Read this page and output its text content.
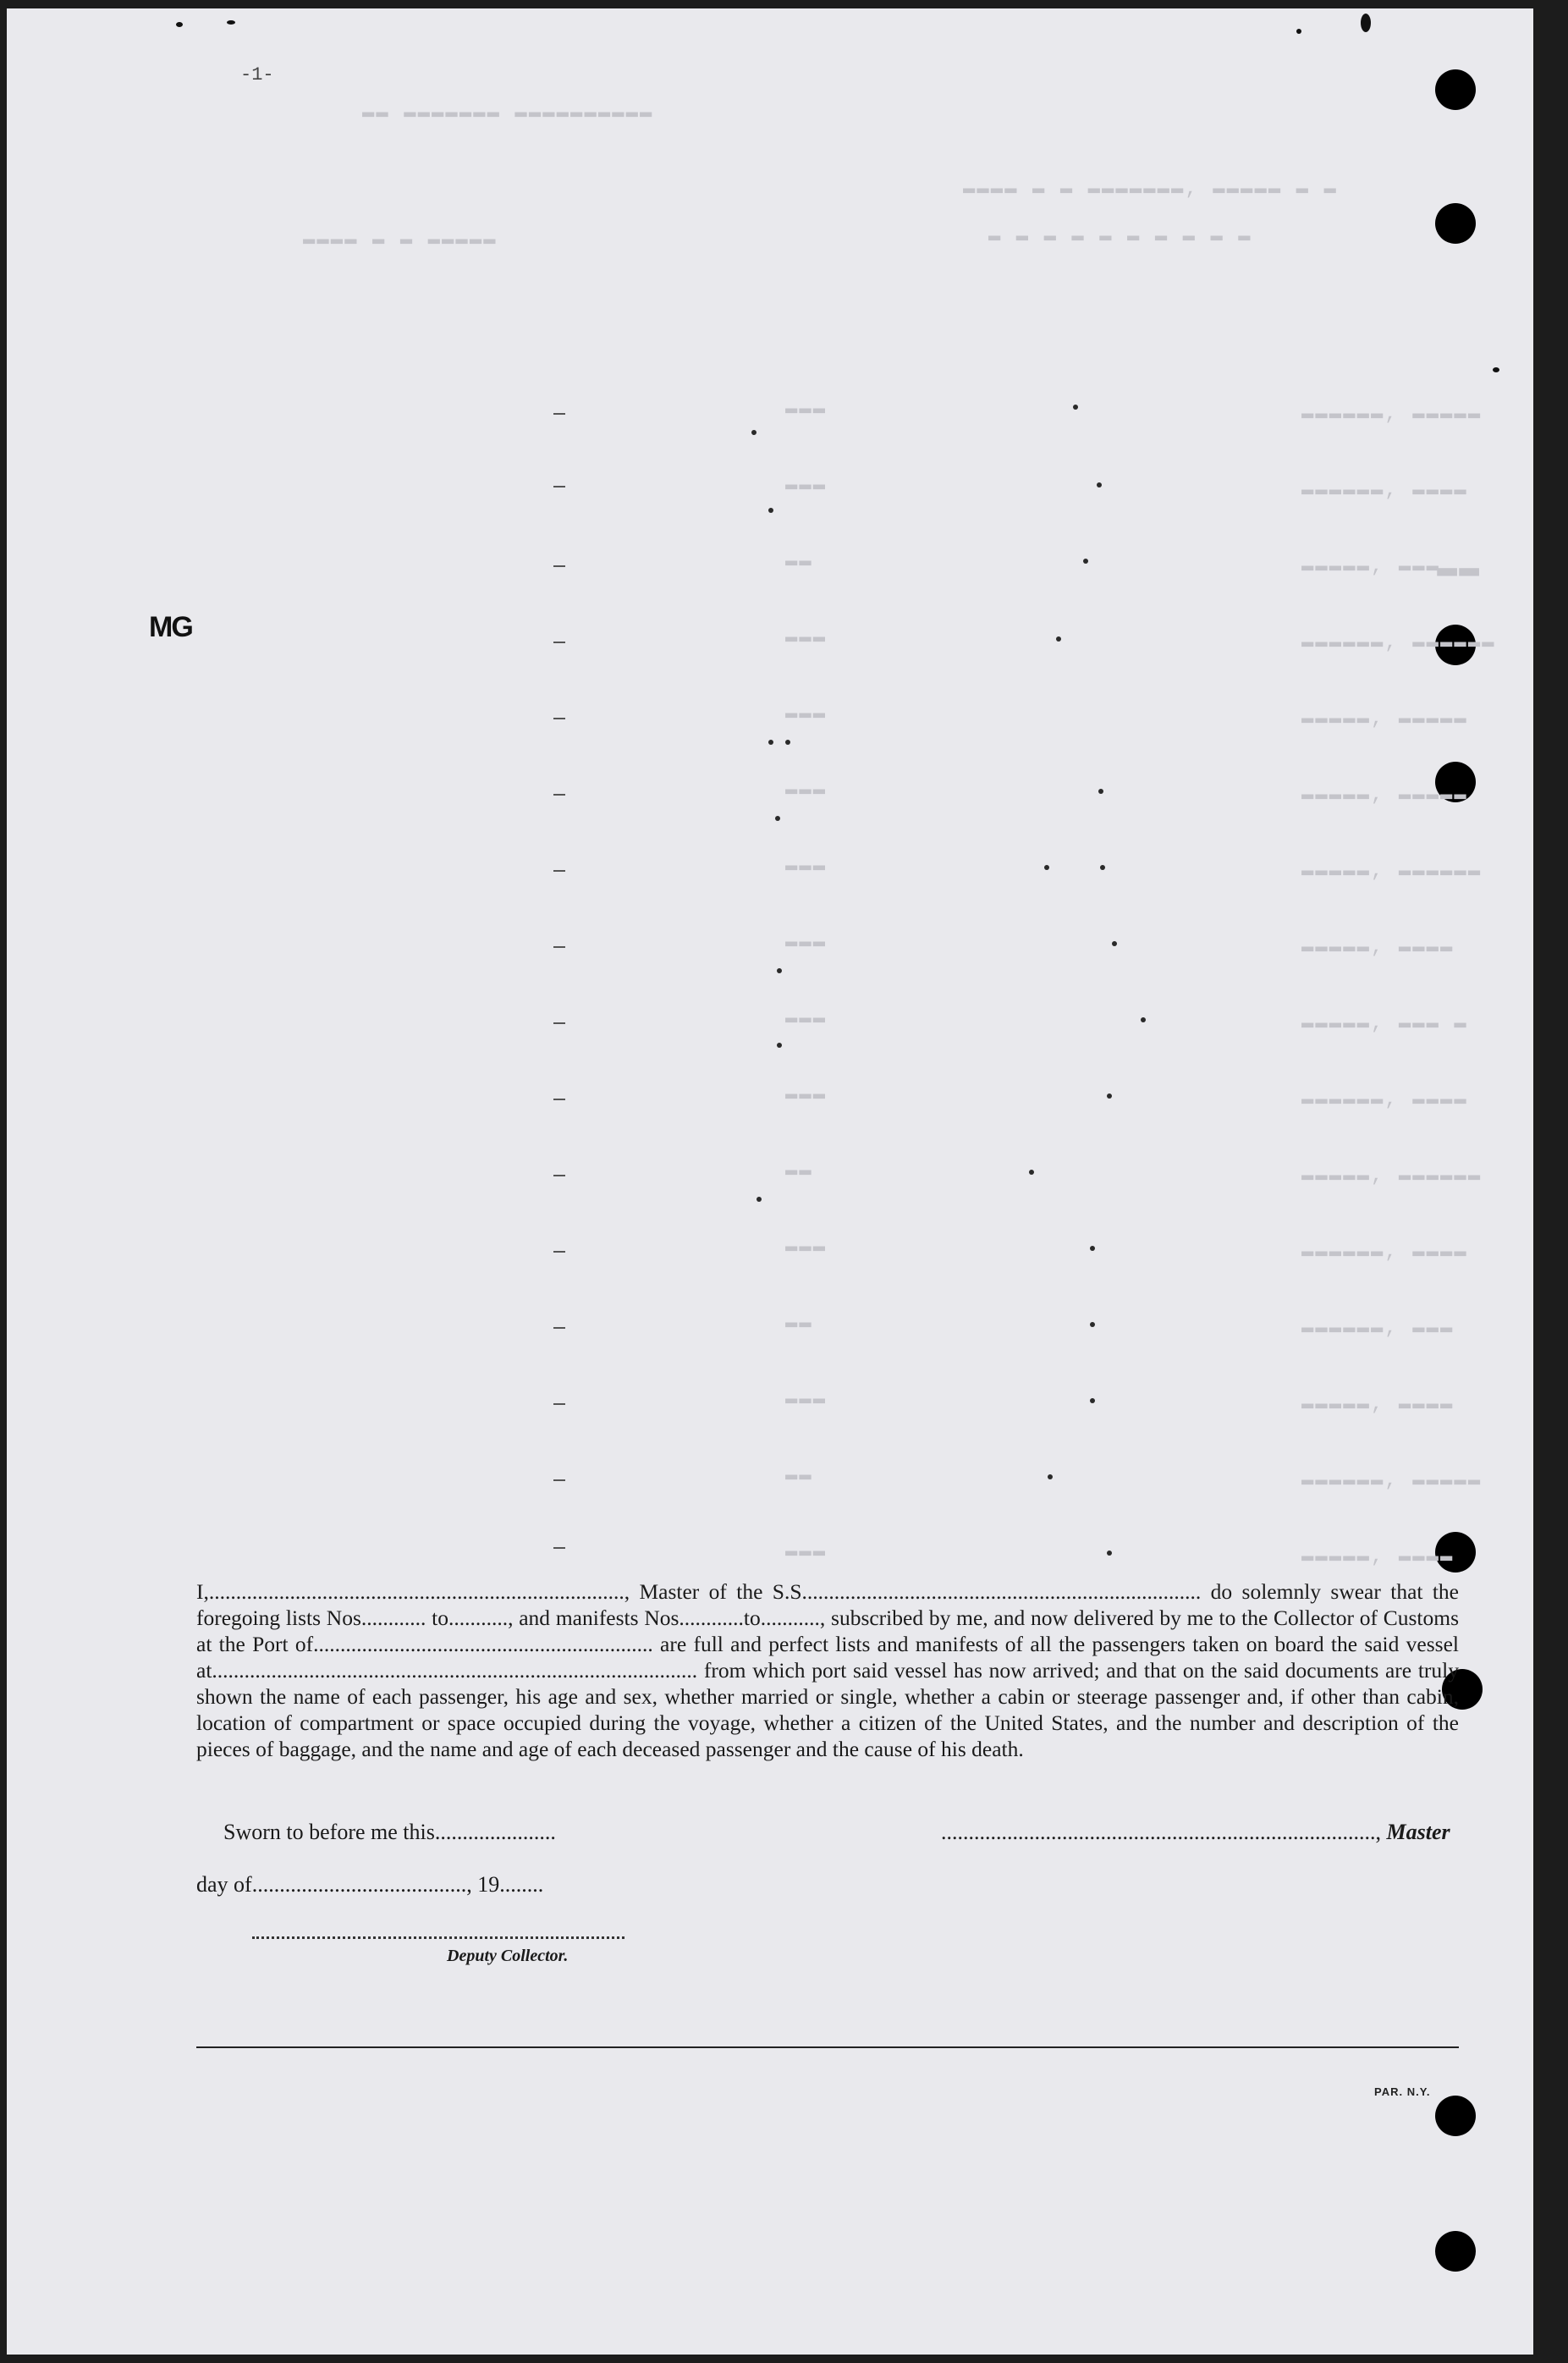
-1-
▬▬ ▬▬▬▬▬▬▬ ▬▬▬▬▬▬▬▬▬▬
▬▬▬▬ ▬ ▬ ▬▬▬▬▬▬▬, ▬▬▬▬▬ ▬ ▬
▬ ▬ ▬ ▬ ▬ ▬ ▬ ▬ ▬ ▬
▬▬▬▬ ▬ ▬ ▬▬▬▬▬
▬▬
▬▬▬▬▬▬, ▬▬▬▬▬
▬▬▬▬▬▬, ▬▬▬▬
▬▬▬▬▬, ▬▬▬
▬▬▬▬▬▬, ▬▬▬▬▬▬
▬▬▬▬▬, ▬▬▬▬▬
▬▬▬▬▬, ▬▬▬▬▬
▬▬▬▬▬, ▬▬▬▬▬▬
▬▬▬▬▬, ▬▬▬▬
▬▬▬▬▬, ▬▬▬ ▬
▬▬▬▬▬▬, ▬▬▬▬
▬▬▬▬▬, ▬▬▬▬▬▬
▬▬▬▬▬▬, ▬▬▬▬
▬▬▬▬▬▬, ▬▬▬
▬▬▬▬▬, ▬▬▬▬
▬▬▬▬▬▬, ▬▬▬▬▬
▬▬▬▬▬, ▬▬▬▬
▬▬▬
▬▬▬
▬▬
▬▬▬
▬▬▬
▬▬▬
▬▬▬
▬▬▬
▬▬▬
▬▬▬
▬▬
▬▬▬
▬▬
▬▬▬
▬▬
▬▬▬
MG
I,............................................................................., Master of the S.S.......................................................................... do solemnly swear that the foregoing lists Nos............ to..........., and manifests Nos............to..........., subscribed by me, and now delivered by me to the Collector of Customs at the Port of............................................................... are full and perfect lists and manifests of all the passengers taken on board the said vessel at.......................................................................................... from which port said vessel has now arrived; and that on the said documents are truly shown the name of each passenger, his age and sex, whether married or single, whether a cabin or steerage passenger and, if other than cabin, location of compartment or space occupied during the voyage, whether a citizen of the United States, and the number and description of the pieces of baggage, and the name and age of each deceased passenger and the cause of his death.
Sworn to before me this......................	..............................................................................., Master
day of......................................., 19........
Deputy Collector.
PAR. N.Y.
